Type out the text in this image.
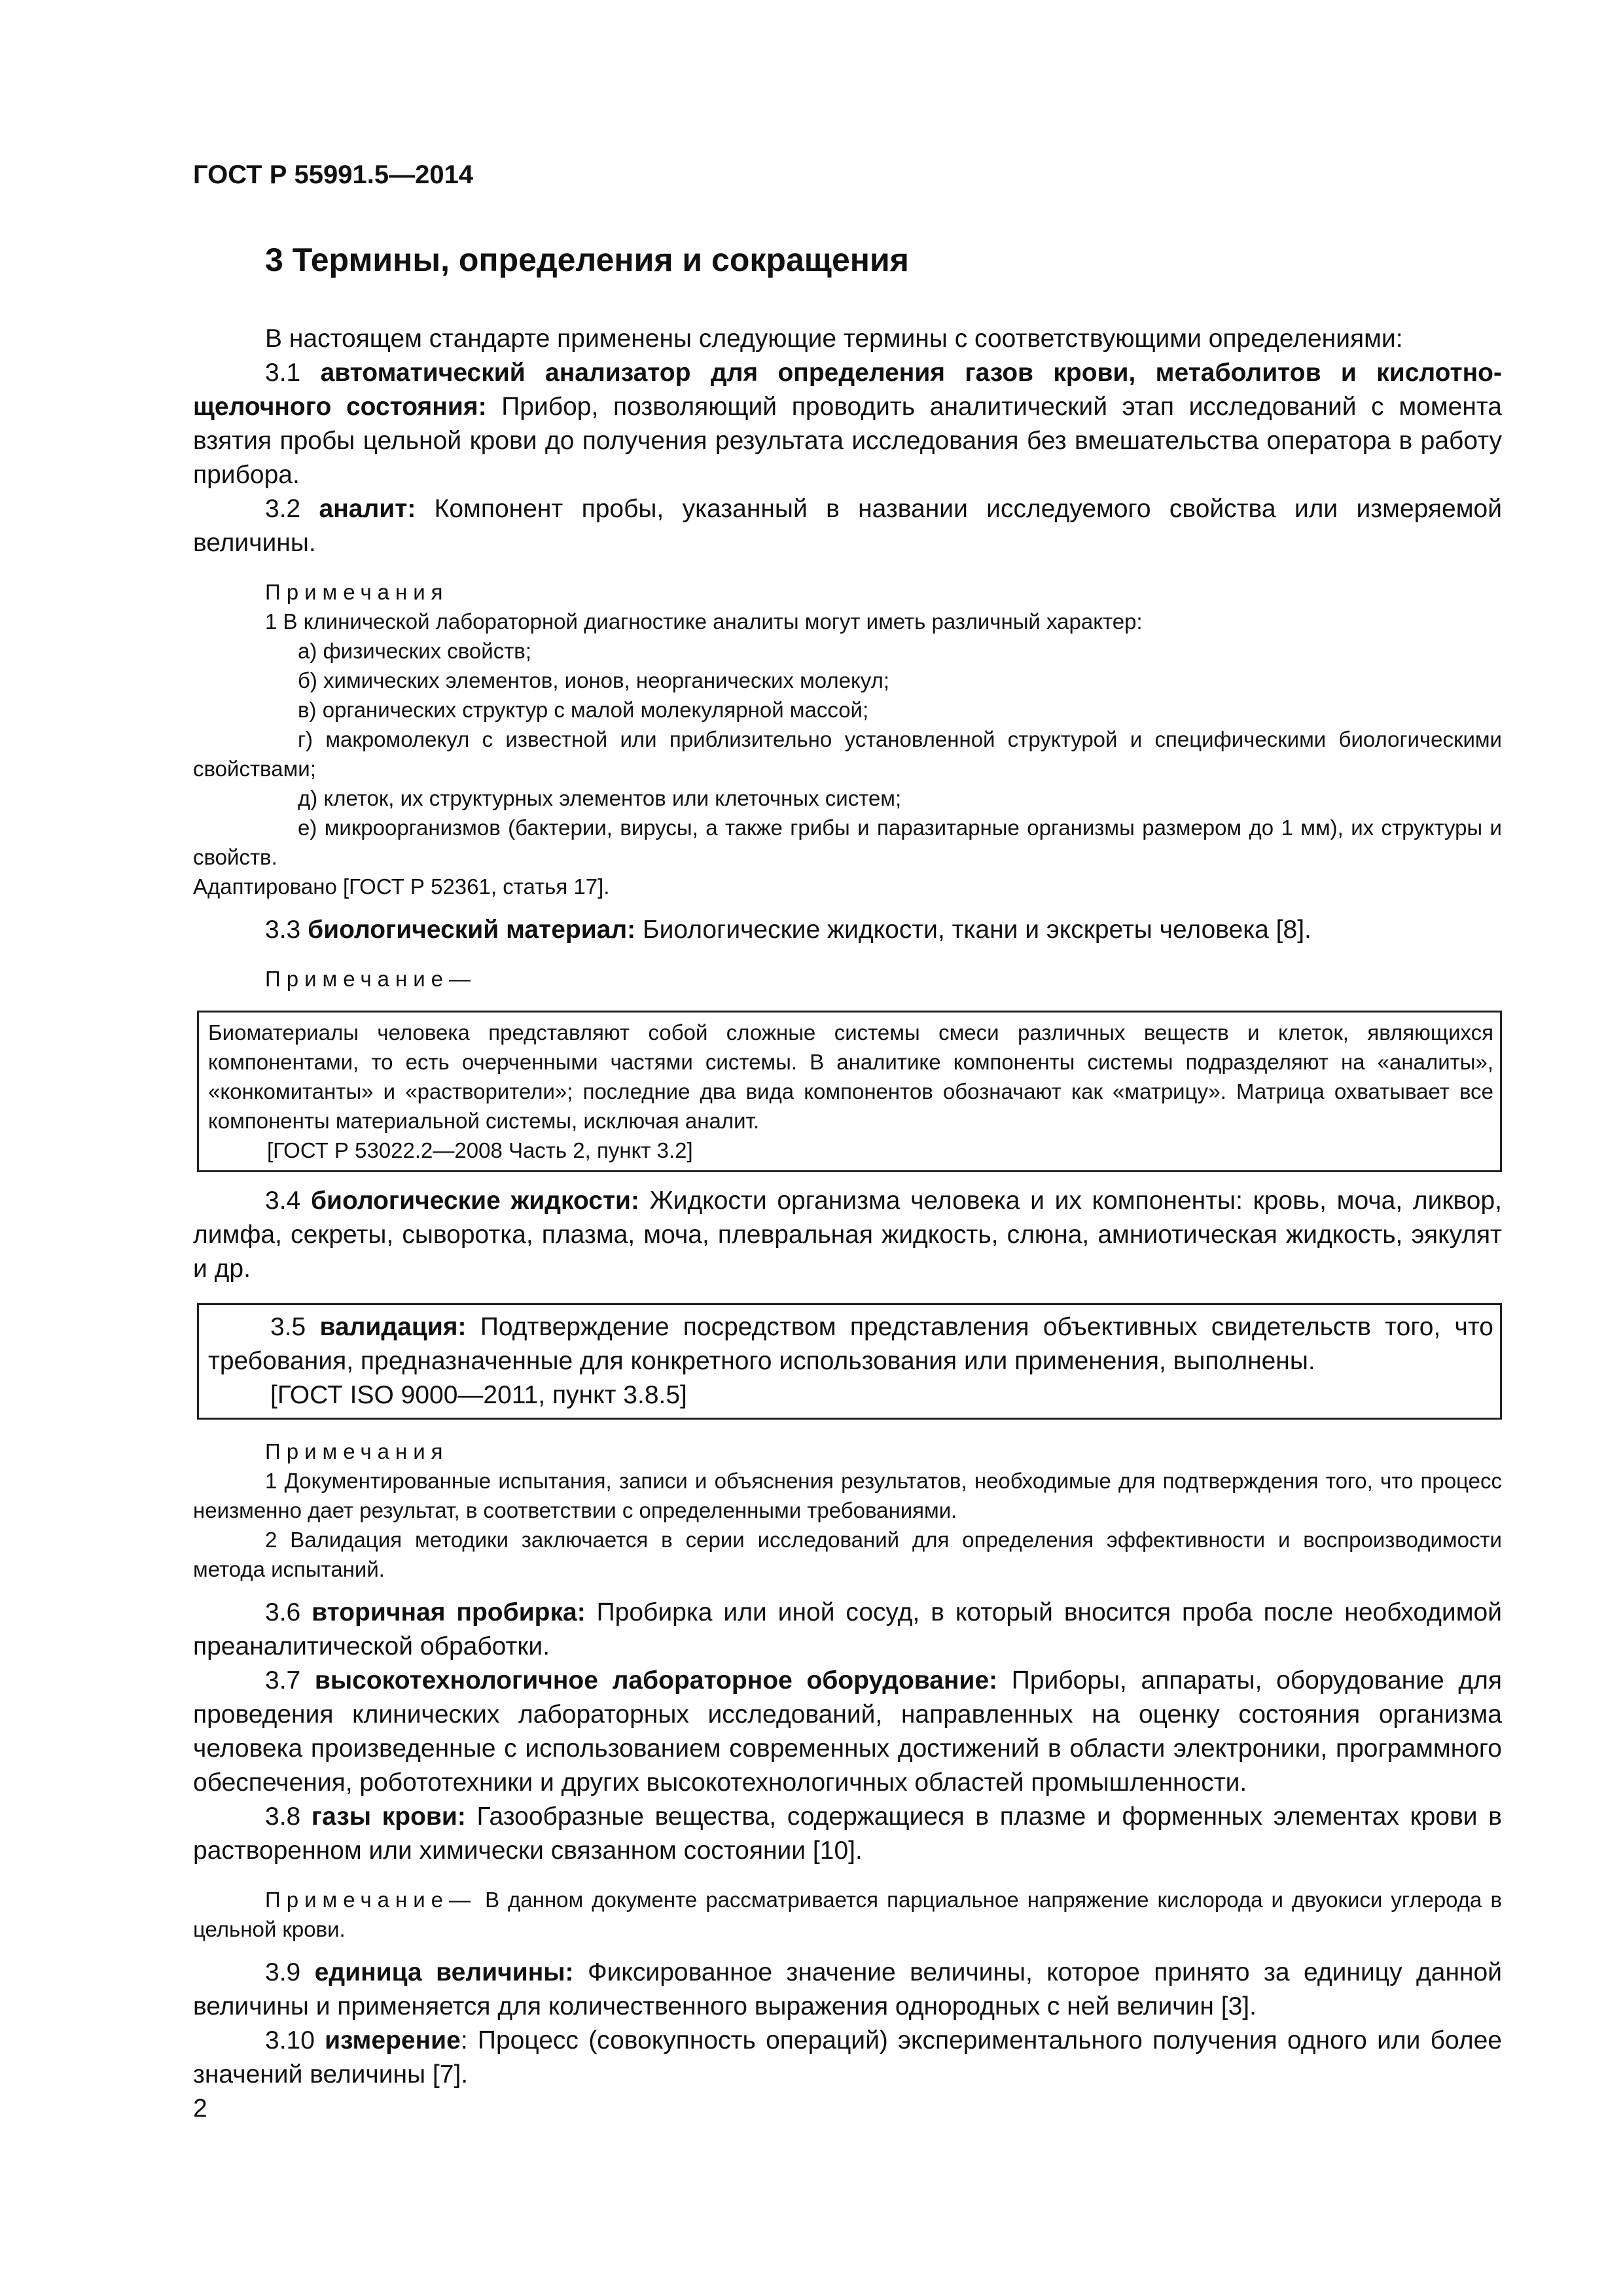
ГОСТ Р 55991.5—2014
3 Термины, определения и сокращения

В настоящем стандарте применены следующие термины с соответствующими определениями:

3.1 автоматический анализатор для определения газов крови, метаболитов и кислотно-щелочного состояния: Прибор, позволяющий проводить аналитический этап исследований с момента взятия пробы цельной крови до получения результата исследования без вмешательства оператора в работу прибора.

3.2 аналит: Компонент пробы, указанный в названии исследуемого свойства или измеряемой величины.

Примечания

1 В клинической лабораторной диагностике аналиты могут иметь различный характер:

а) физических свойств;

б) химических элементов, ионов, неорганических молекул;

в) органических структур с малой молекулярной массой;

г) макромолекул с известной или приблизительно установленной структурой и специфическими биологическими свойствами;

д) клеток, их структурных элементов или клеточных систем;

е) микроорганизмов (бактерии, вирусы, а также грибы и паразитарные организмы размером до 1 мм), их структуры и свойств.

Адаптировано [ГОСТ Р 52361, статья 17].

3.3 биологический материал: Биологические жидкости, ткани и экскреты человека [8].

Примечание—

Биоматериалы человека представляют собой сложные системы смеси различных веществ и клеток, являющихся компонентами, то есть очерченными частями системы. В аналитике компоненты системы подразделяют на «аналиты», «конкомитанты» и «растворители»; последние два вида компонентов обозначают как «матрицу». Матрица охватывает все компоненты материальной системы, исключая аналит.

[ГОСТ Р 53022.2—2008 Часть 2, пункт 3.2]

3.4 биологические жидкости: Жидкости организма человека и их компоненты: кровь, моча, ликвор, лимфа, секреты, сыворотка, плазма, моча, плевральная жидкость, слюна, амниотическая жидкость, эякулят и др.

3.5 валидация: Подтверждение посредством представления объективных свидетельств того, что требования, предназначенные для конкретного использования или применения, выполнены.

[ГОСТ ISO 9000—2011, пункт 3.8.5]

Примечания

1 Документированные испытания, записи и объяснения результатов, необходимые для подтверждения того, что процесс неизменно дает результат, в соответствии с определенными требованиями.

2 Валидация методики заключается в серии исследований для определения эффективности и воспроизводимости метода испытаний.

3.6 вторичная пробирка: Пробирка или иной сосуд, в который вносится проба после необходимой преаналитической обработки.

3.7 высокотехнологичное лабораторное оборудование: Приборы, аппараты, оборудование для проведения клинических лабораторных исследований, направленных на оценку состояния организма человека произведенные с использованием современных достижений в области электроники, программного обеспечения, робототехники и других высокотехнологичных областей промышленности.

3.8 газы крови: Газообразные вещества, содержащиеся в плазме и форменных элементах крови в растворенном или химически связанном состоянии [10].

Примечание— В данном документе рассматривается парциальное напряжение кислорода и двуокиси углерода в цельной крови.

3.9 единица величины: Фиксированное значение величины, которое принято за единицу данной величины и применяется для количественного выражения однородных с ней величин [3].

3.10 измерение: Процесс (совокупность операций) экспериментального получения одного или более значений величины [7].

2
